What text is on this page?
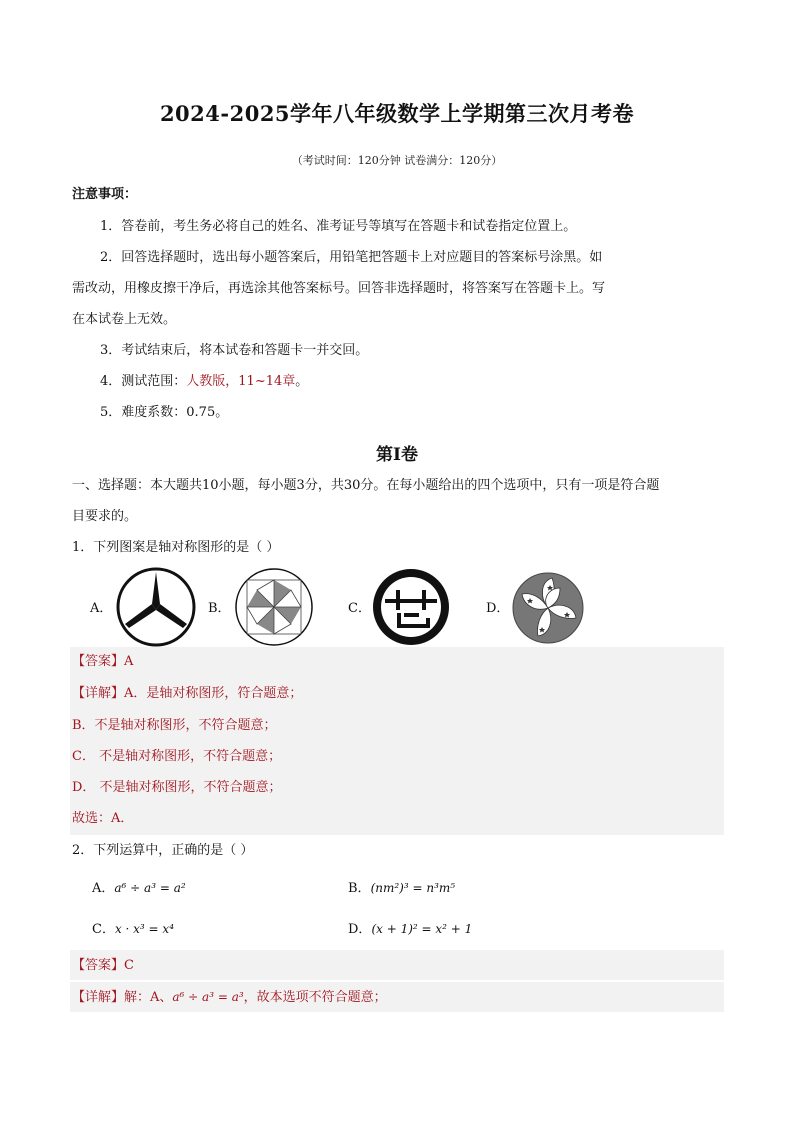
2024-2025学年八年级数学上学期第三次月考卷
（考试时间：120分钟 试卷满分：120分）
注意事项：
1．答卷前，考生务必将自己的姓名、准考证号等填写在答题卡和试卷指定位置上。
2．回答选择题时，选出每小题答案后，用铅笔把答题卡上对应题目的答案标号涂黑。如
需改动，用橡皮擦干净后，再选涂其他答案标号。回答非选择题时，将答案写在答题卡上。写
在本试卷上无效。
3．考试结束后，将本试卷和答题卡一并交回。
4．测试范围：人教版，11~14章。
5．难度系数：0.75。
第Ⅰ卷
一、选择题：本大题共10小题，每小题3分，共30分。在每小题给出的四个选项中，只有一项是符合题
目要求的。
1．下列图案是轴对称图形的是（ ）
A．	B．	C．	D．
【答案】A
【详解】A．是轴对称图形，符合题意；
B．不是轴对称图形，不符合题意；
C． 不是轴对称图形，不符合题意；
D． 不是轴对称图形，不符合题意；
故选：A．
2．下列运算中，正确的是（ ）
A．a⁶ ÷ a³ = a²	B．(nm²)³ = n³m⁵
C．x · x³ = x⁴	D．(x + 1)² = x² + 1
【答案】C
【详解】解：A、a⁶ ÷ a³ = a³，故本选项不符合题意；
